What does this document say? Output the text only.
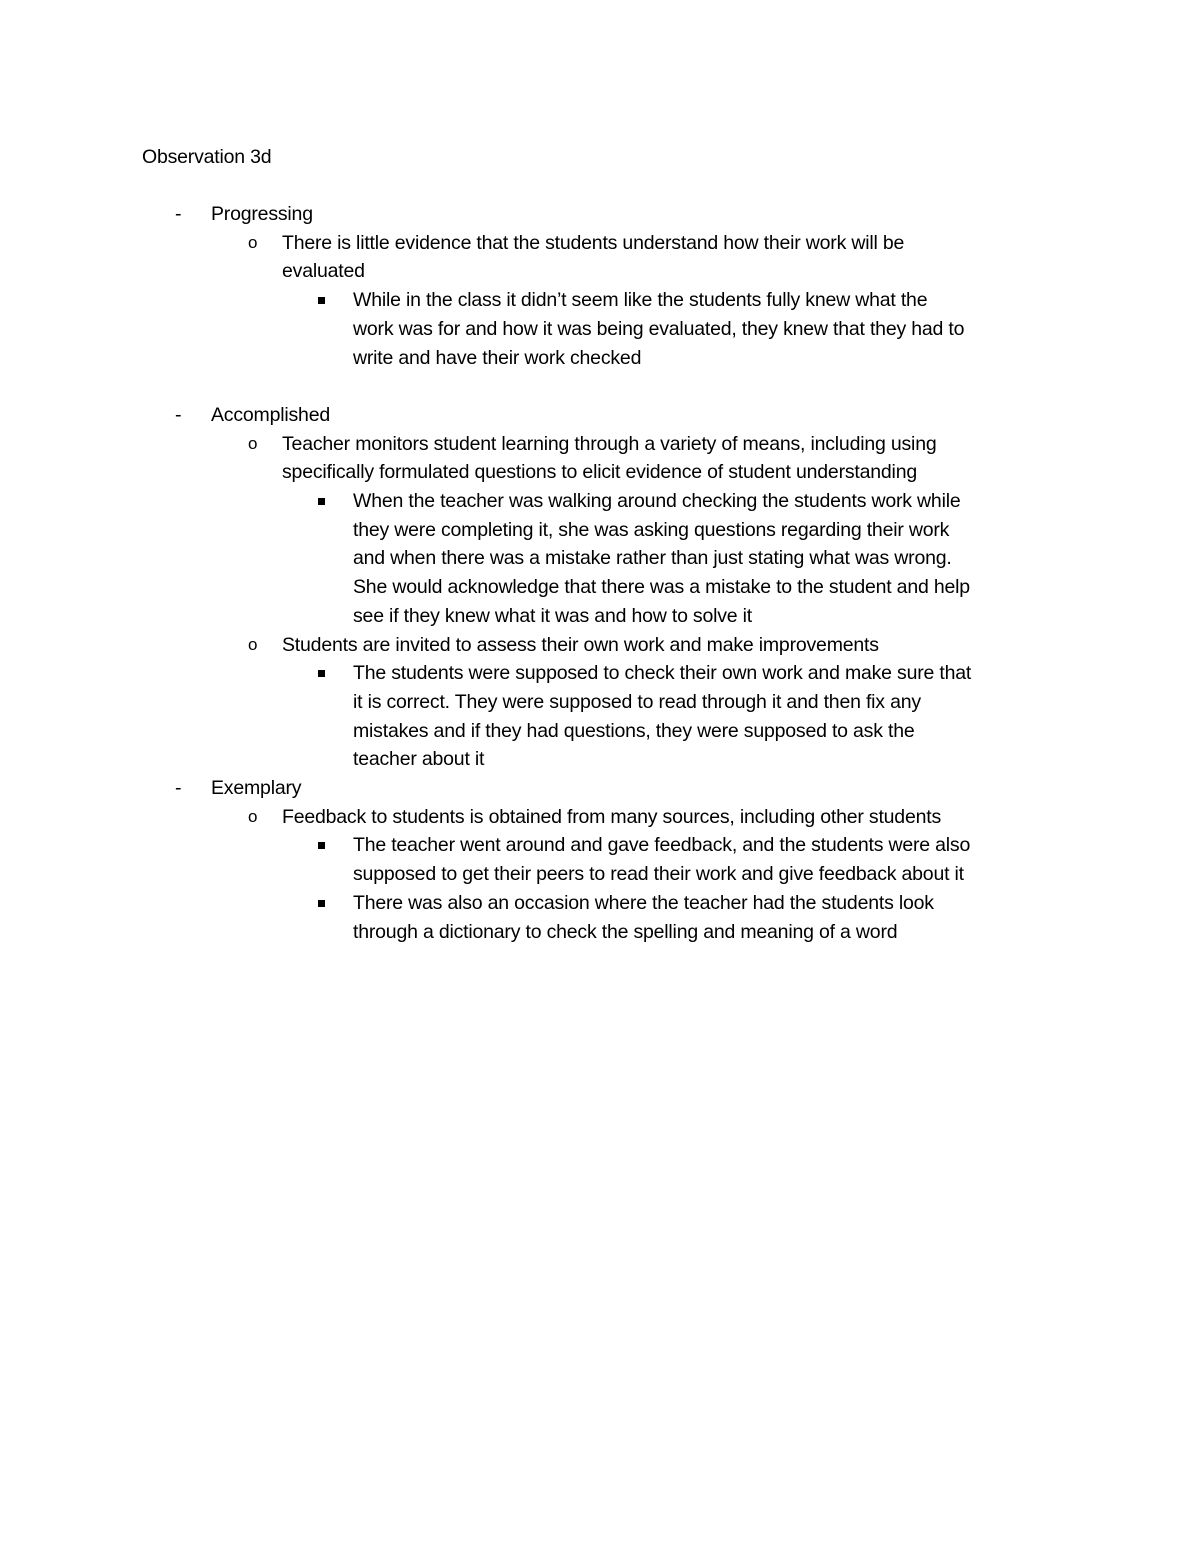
Observation 3d
- Progressing
o There is little evidence that the students understand how their work will be
evaluated
While in the class it didn’t seem like the students fully knew what the
work was for and how it was being evaluated, they knew that they had to
write and have their work checked
- Accomplished
o Teacher monitors student learning through a variety of means, including using
specifically formulated questions to elicit evidence of student understanding
When the teacher was walking around checking the students work while
they were completing it, she was asking questions regarding their work
and when there was a mistake rather than just stating what was wrong.
She would acknowledge that there was a mistake to the student and help
see if they knew what it was and how to solve it
o Students are invited to assess their own work and make improvements
The students were supposed to check their own work and make sure that
it is correct. They were supposed to read through it and then fix any
mistakes and if they had questions, they were supposed to ask the
teacher about it
- Exemplary
o Feedback to students is obtained from many sources, including other students
The teacher went around and gave feedback, and the students were also
supposed to get their peers to read their work and give feedback about it
There was also an occasion where the teacher had the students look
through a dictionary to check the spelling and meaning of a word
